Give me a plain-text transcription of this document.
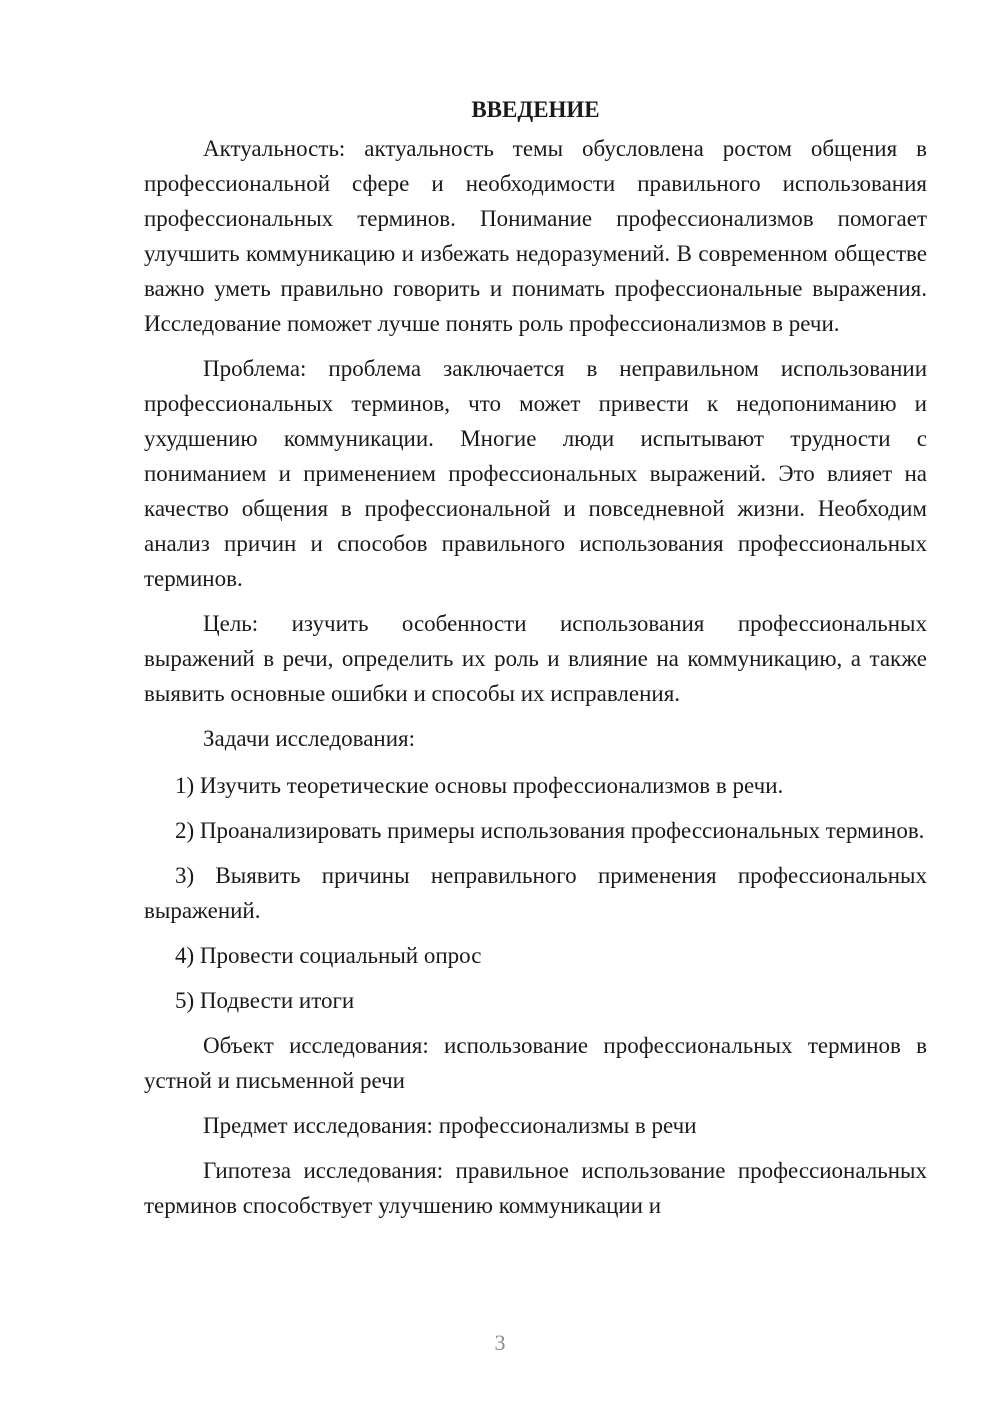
ВВЕДЕНИЕ

Актуальность: актуальность темы обусловлена ростом общения в профессиональной сфере и необходимости правильного использования профессиональных терминов. Понимание профессионализмов помогает улучшить коммуникацию и избежать недоразумений. В современном обществе важно уметь правильно говорить и понимать профессиональные выражения. Исследование поможет лучше понять роль профессионализмов в речи.

Проблема: проблема заключается в неправильном использовании профессиональных терминов, что может привести к недопониманию и ухудшению коммуникации. Многие люди испытывают трудности с пониманием и применением профессиональных выражений. Это влияет на качество общения в профессиональной и повседневной жизни. Необходим анализ причин и способов правильного использования профессиональных терминов.

Цель: изучить особенности использования профессиональных выражений в речи, определить их роль и влияние на коммуникацию, а также выявить основные ошибки и способы их исправления.

Задачи исследования:

1) Изучить теоретические основы профессионализмов в речи.

2) Проанализировать примеры использования профессиональных терминов.

3) Выявить причины неправильного применения профессиональных выражений.

4) Провести социальный опрос

5) Подвести итоги

Объект исследования: использование профессиональных терминов в устной и письменной речи

Предмет исследования: профессионализмы в речи

Гипотеза исследования: правильное использование профессиональных терминов способствует улучшению коммуникации и

3
